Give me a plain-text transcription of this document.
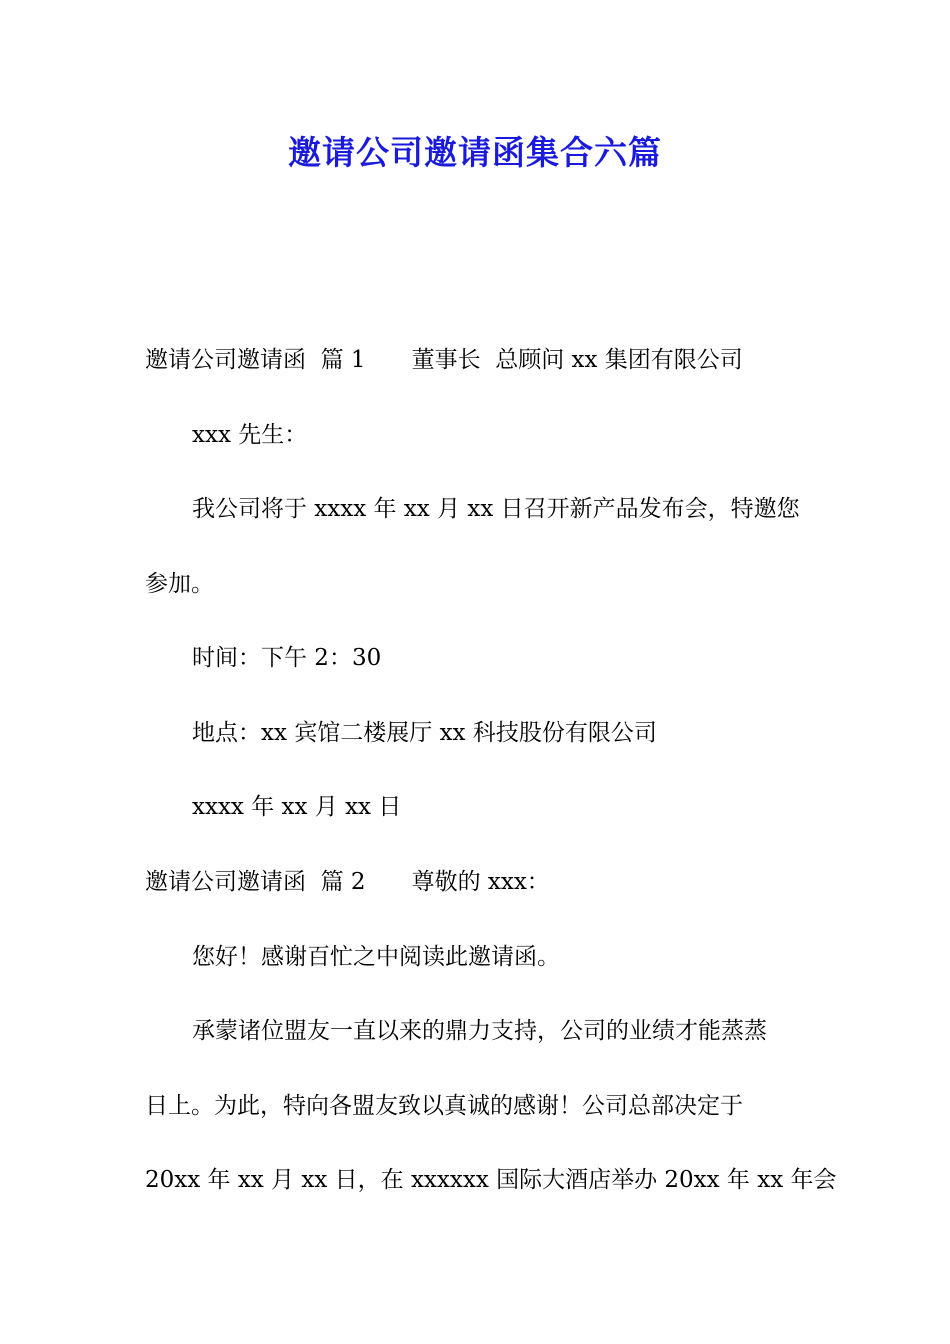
邀请公司邀请函集合六篇
邀请公司邀请函  篇 1 董事长  总顾问 xx 集团有限公司
xxx 先生：
我公司将于 xxxx 年 xx 月 xx 日召开新产品发布会，特邀您
参加。
时间：下午 2：30
地点：xx 宾馆二楼展厅 xx 科技股份有限公司
xxxx 年 xx 月 xx 日
邀请公司邀请函  篇 2 尊敬的 xxx：
您好！感谢百忙之中阅读此邀请函。
承蒙诸位盟友一直以来的鼎力支持，公司的业绩才能蒸蒸
日上。为此，特向各盟友致以真诚的感谢！公司总部决定于
20xx 年 xx 月 xx 日，在 xxxxxx 国际大酒店举办 20xx 年 xx 年会
